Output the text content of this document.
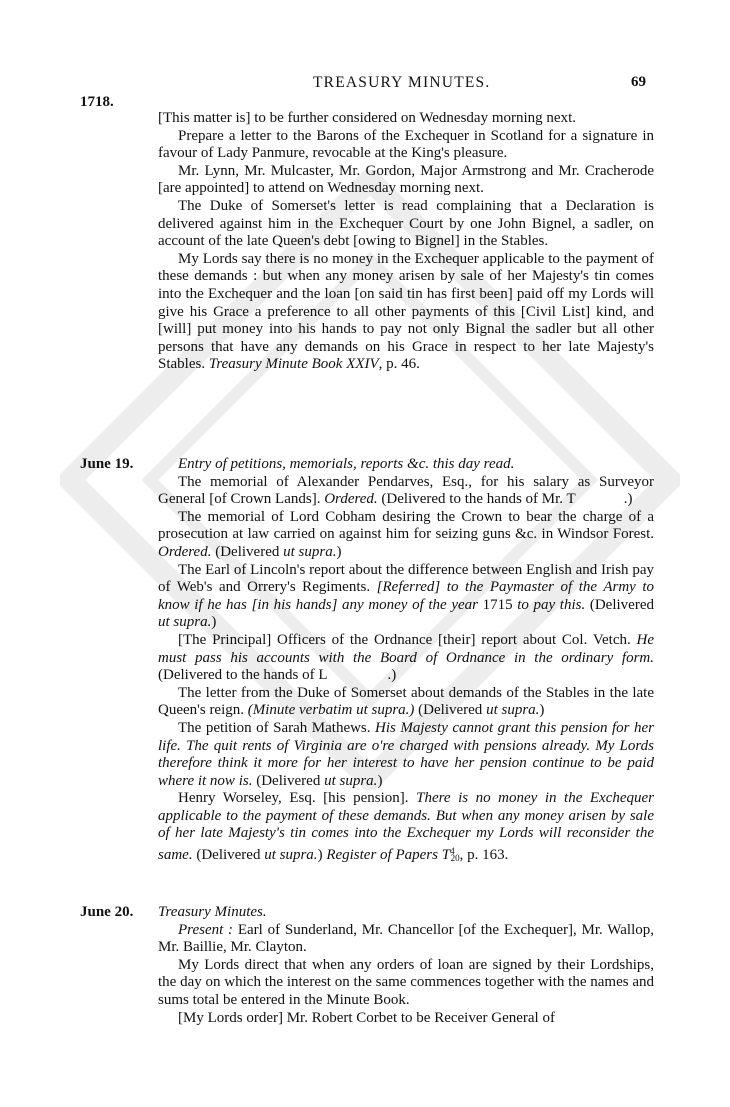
TREASURY MINUTES.	69
1718.

[This matter is] to be further considered on Wednesday morning next.

Prepare a letter to the Barons of the Exchequer in Scotland for a signature in favour of Lady Panmure, revocable at the King's pleasure.

Mr. Lynn, Mr. Mulcaster, Mr. Gordon, Major Armstrong and Mr. Cracherode [are appointed] to attend on Wednesday morning next.

The Duke of Somerset's letter is read complaining that a Declaration is delivered against him in the Exchequer Court by one John Bignel, a sadler, on account of the late Queen's debt [owing to Bignel] in the Stables.

My Lords say there is no money in the Exchequer applicable to the payment of these demands : but when any money arisen by sale of her Majesty's tin comes into the Exchequer and the loan [on said tin has first been] paid off my Lords will give his Grace a preference to all other payments of this [Civil List] kind, and [will] put money into his hands to pay not only Bignal the sadler but all other persons that have any demands on his Grace in respect to her late Majesty's Stables. Treasury Minute Book XXIV, p. 46.

June 19.	Entry of petitions, memorials, reports &c. this day read.

The memorial of Alexander Pendarves, Esq., for his salary as Surveyor General [of Crown Lands]. Ordered. (Delivered to the hands of Mr. T	.)

The memorial of Lord Cobham desiring the Crown to bear the charge of a prosecution at law carried on against him for seizing guns &c. in Windsor Forest. Ordered. (Delivered ut supra.)

The Earl of Lincoln's report about the difference between English and Irish pay of Web's and Orrery's Regiments. [Referred] to the Paymaster of the Army to know if he has [in his hands] any money of the year 1715 to pay this. (Delivered ut supra.)

[The Principal] Officers of the Ordnance [their] report about Col. Vetch. He must pass his accounts with the Board of Ordnance in the ordinary form. (Delivered to the hands of L	.)

The letter from the Duke of Somerset about demands of the Stables in the late Queen's reign. (Minute verbatim ut supra.) (Delivered ut supra.)

The petition of Sarah Mathews. His Majesty cannot grant this pension for her life. The quit rents of Virginia are o're charged with pensions already. My Lords therefore think it more for her interest to have her pension continue to be paid where it now is. (Delivered ut supra.)

Henry Worseley, Esq. [his pension]. There is no money in the Exchequer applicable to the payment of these demands. But when any money arisen by sale of her late Majesty's tin comes into the Exchequer my Lords will reconsider the same. (Delivered ut supra.) Register of Papers $T^4_{20}$, p. 163.

June 20. Treasury Minutes.

Present : Earl of Sunderland, Mr. Chancellor [of the Exchequer], Mr. Wallop, Mr. Baillie, Mr. Clayton.

My Lords direct that when any orders of loan are signed by their Lordships, the day on which the interest on the same commences together with the names and sums total be entered in the Minute Book.

[My Lords order] Mr. Robert Corbet to be Receiver General of
